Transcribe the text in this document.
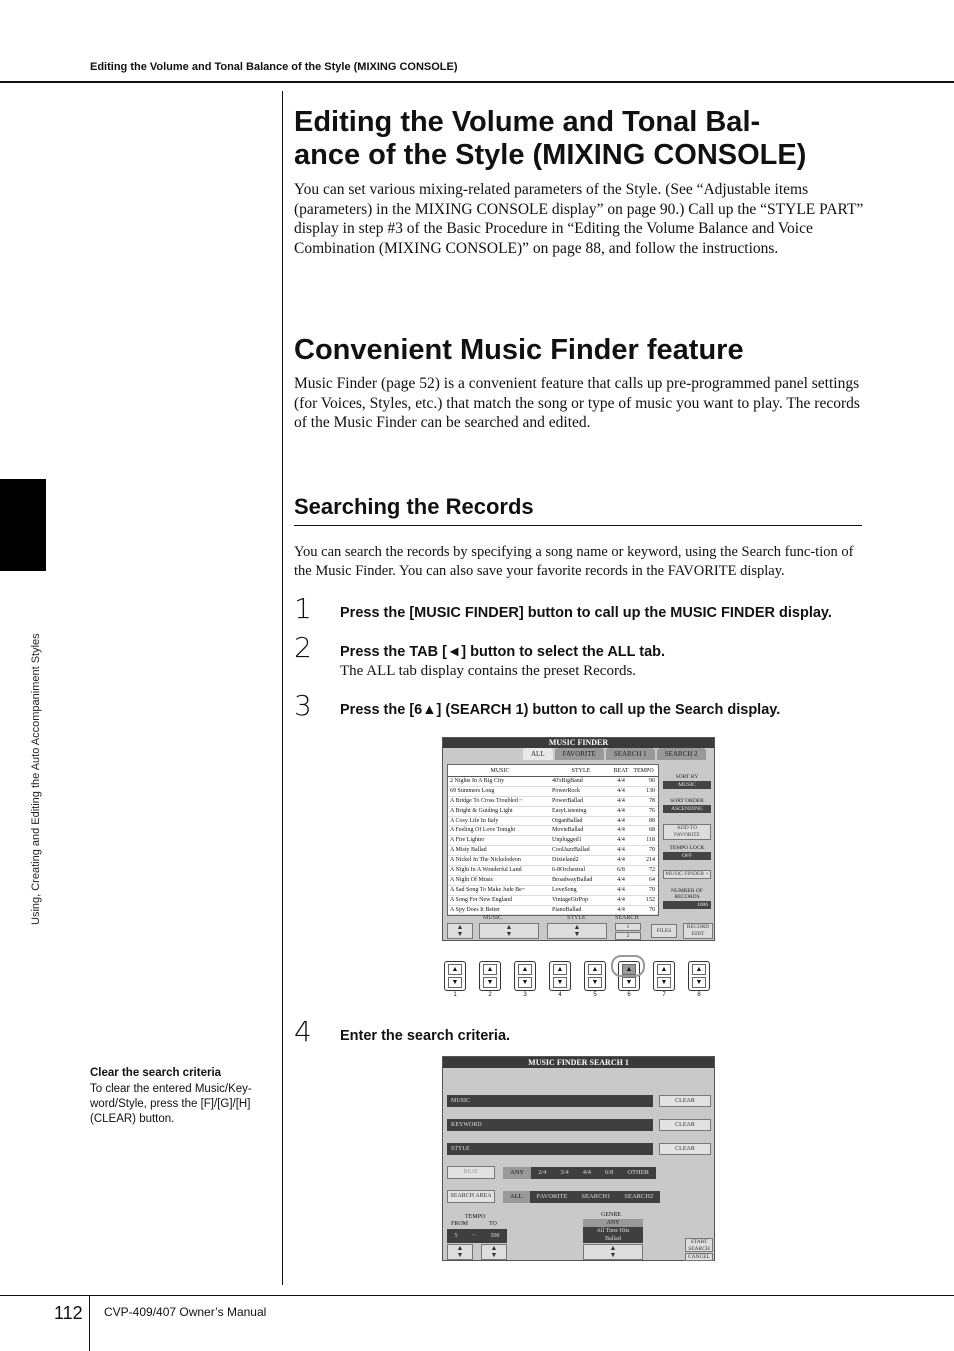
Editing the Volume and Tonal Balance of the Style (MIXING CONSOLE)
Using, Creating and Editing the Auto Accompaniment Styles
Editing the Volume and Tonal Bal-
ance of the Style (MIXING CONSOLE)

You can set various mixing-related parameters of the Style. (See “Adjustable items (parameters) in the MIXING CONSOLE display” on page 90.) Call up the “STYLE PART” display in step #3 of the Basic Procedure in “Editing the Volume Balance and Voice Combination (MIXING CONSOLE)” on page 88, and follow the instructions.

Convenient Music Finder feature

Music Finder (page 52) is a convenient feature that calls up pre-programmed panel settings (for Voices, Styles, etc.) that match the song or type of music you want to play. The records of the Music Finder can be searched and edited.

Searching the Records

You can search the records by specifying a song name or keyword, using the Search func-tion of the Music Finder. You can also save your favorite records in the FAVORITE display.

1 Press the [MUSIC FINDER] button to call up the MUSIC FINDER display.
2 Press the TAB [◄] button to select the ALL tab.
The ALL tab display contains the preset Records.
3 Press the [6▲] (SEARCH 1) button to call up the Search display.
MUSIC FINDER
ALL	FAVORITE	SEARCH 1	SEARCH 2
MUSIC	STYLE	BEAT TEMPO
2 Nights In A Big City	40'sBigBand	4/4	90
69 Summers Long	PowerRock	4/4	130
A Bridge To Cross Troubled ~	PowerBallad	4/4	78
A Bright & Guiding Light	EasyListening	4/4	76
A Cosy Life In Italy	OrganBallad	4/4	88
A Feeling Of Love Tonight	MovieBallad	4/4	68
A Fire Lighter	Unplugged1	4/4	118
A Misty Ballad	CoolJazzBallad	4/4	70
A Nickel In The Nickelodeon	Dixieland2	4/4	214
A Night In A Wonderful Land	6-8Orchestral	6/8	72
A Night Of Music	BroadwayBallad	4/4	64
A Sad Song To Make Jude Be~	LoveSong	4/4	70
A Song For New England	VintageGtrPop	4/4	152
A Spy Does It Better	PianoBallad	4/4	70
SORT BY
MUSIC
SORT ORDER
ASCENDING
ADD TO FAVORITE
TEMPO LOCK
OFF
MUSIC FINDER +
NUMBER OF RECORDS
1006
MUSIC	STYLE	SEARCH
▲
▼
▲
▼
▲
▼
1
2
FILES
RECORD EDIT
▲
▼
1
▲
▼
2
▲
▼
3
▲
▼
4
▲
▼
5
▲
▼
6
▲
▼
7
▲
▼
8
4 Enter the search criteria.
MUSIC FINDER SEARCH 1
MUSIC	CLEAR
KEYWORD	CLEAR
STYLE	CLEAR
BEAT	ANY	2/4	3/4	4/4	6/8	OTHER
SEARCH AREA	ALL	FAVORITE	SEARCH1	SEARCH2
TEMPO
FROM	TO
5 ~ 500
▲
▼
▲
▼
GENRE
ANY
All Time Hits
Ballad
▲
▼
START SEARCH
CANCEL
Clear the search criteria
To clear the entered Music/Key-word/Style, press the [F]/[G]/[H] (CLEAR) button.
112 CVP-409/407 Owner’s Manual
